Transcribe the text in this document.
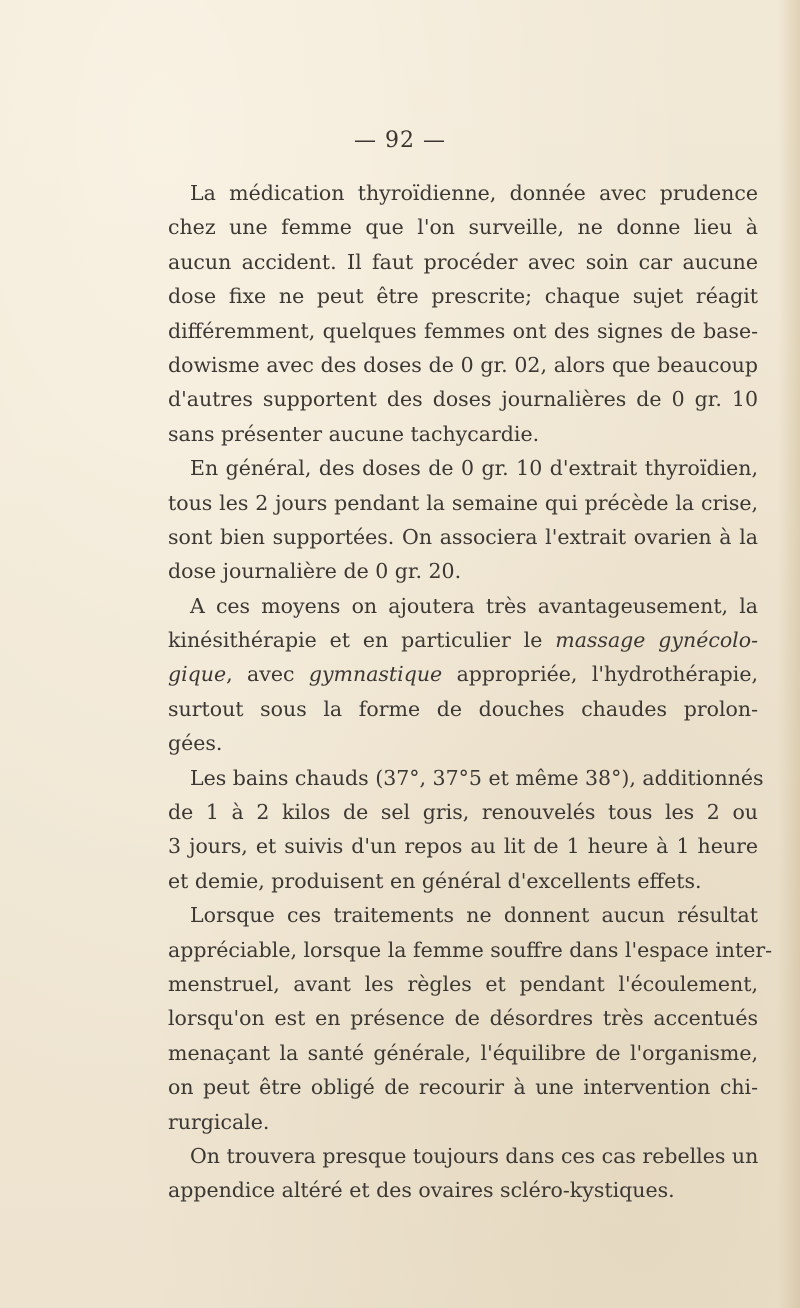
— 92 —
La médication thyroïdienne, donnée avec prudence
chez une femme que l'on surveille, ne donne lieu à
aucun accident. Il faut procéder avec soin car aucune
dose fixe ne peut être prescrite; chaque sujet réagit
différemment, quelques femmes ont des signes de base-
dowisme avec des doses de 0 gr. 02, alors que beaucoup
d'autres supportent des doses journalières de 0 gr. 10
sans présenter aucune tachycardie.
En général, des doses de 0 gr. 10 d'extrait thyroïdien,
tous les 2 jours pendant la semaine qui précède la crise,
sont bien supportées. On associera l'extrait ovarien à la
dose journalière de 0 gr. 20.
A ces moyens on ajoutera très avantageusement, la
kinésithérapie et en particulier le massage gynécolo-
gique, avec gymnastique appropriée, l'hydrothérapie,
surtout sous la forme de douches chaudes prolon-
gées.
Les bains chauds (37°, 37°5 et même 38°), additionnés
de 1 à 2 kilos de sel gris, renouvelés tous les 2 ou
3 jours, et suivis d'un repos au lit de 1 heure à 1 heure
et demie, produisent en général d'excellents effets.
Lorsque ces traitements ne donnent aucun résultat
appréciable, lorsque la femme souffre dans l'espace inter-
menstruel, avant les règles et pendant l'écoulement,
lorsqu'on est en présence de désordres très accentués
menaçant la santé générale, l'équilibre de l'organisme,
on peut être obligé de recourir à une intervention chi-
rurgicale.
On trouvera presque toujours dans ces cas rebelles un
appendice altéré et des ovaires scléro-kystiques.
